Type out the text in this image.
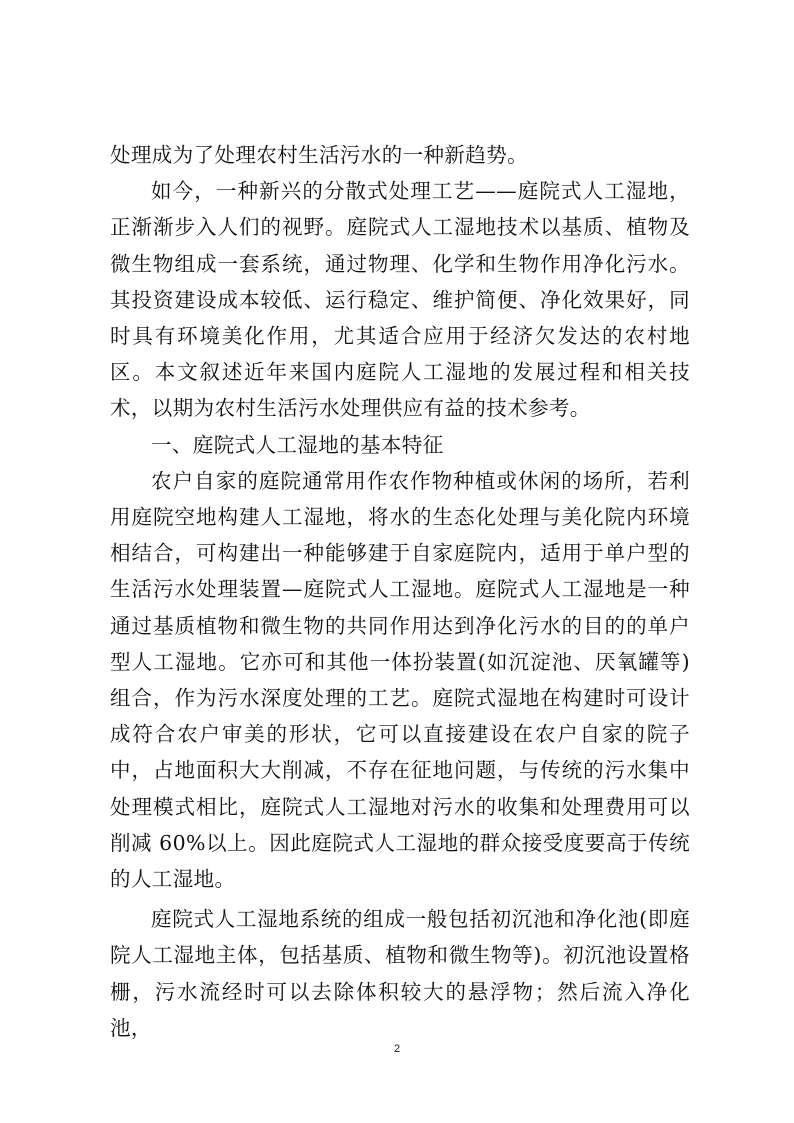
处理成为了处理农村生活污水的一种新趋势。

如今，一种新兴的分散式处理工艺——庭院式人工湿地，正渐渐步入人们的视野。庭院式人工湿地技术以基质、植物及微生物组成一套系统，通过物理、化学和生物作用净化污水。其投资建设成本较低、运行稳定、维护简便、净化效果好，同时具有环境美化作用，尤其适合应用于经济欠发达的农村地区。本文叙述近年来国内庭院人工湿地的发展过程和相关技术，以期为农村生活污水处理供应有益的技术参考。

一、庭院式人工湿地的基本特征

农户自家的庭院通常用作农作物种植或休闲的场所，若利用庭院空地构建人工湿地，将水的生态化处理与美化院内环境相结合，可构建出一种能够建于自家庭院内，适用于单户型的生活污水处理装置—庭院式人工湿地。庭院式人工湿地是一种通过基质植物和微生物的共同作用达到净化污水的目的的单户型人工湿地。它亦可和其他一体扮装置(如沉淀池、厌氧罐等)组合，作为污水深度处理的工艺。庭院式湿地在构建时可设计成符合农户审美的形状，它可以直接建设在农户自家的院子中，占地面积大大削减，不存在征地问题，与传统的污水集中处理模式相比，庭院式人工湿地对污水的收集和处理费用可以削减 60%以上。因此庭院式人工湿地的群众接受度要高于传统的人工湿地。

庭院式人工湿地系统的组成一般包括初沉池和净化池(即庭院人工湿地主体，包括基质、植物和微生物等)。初沉池设置格栅，污水流经时可以去除体积较大的悬浮物；然后流入净化池，

2
